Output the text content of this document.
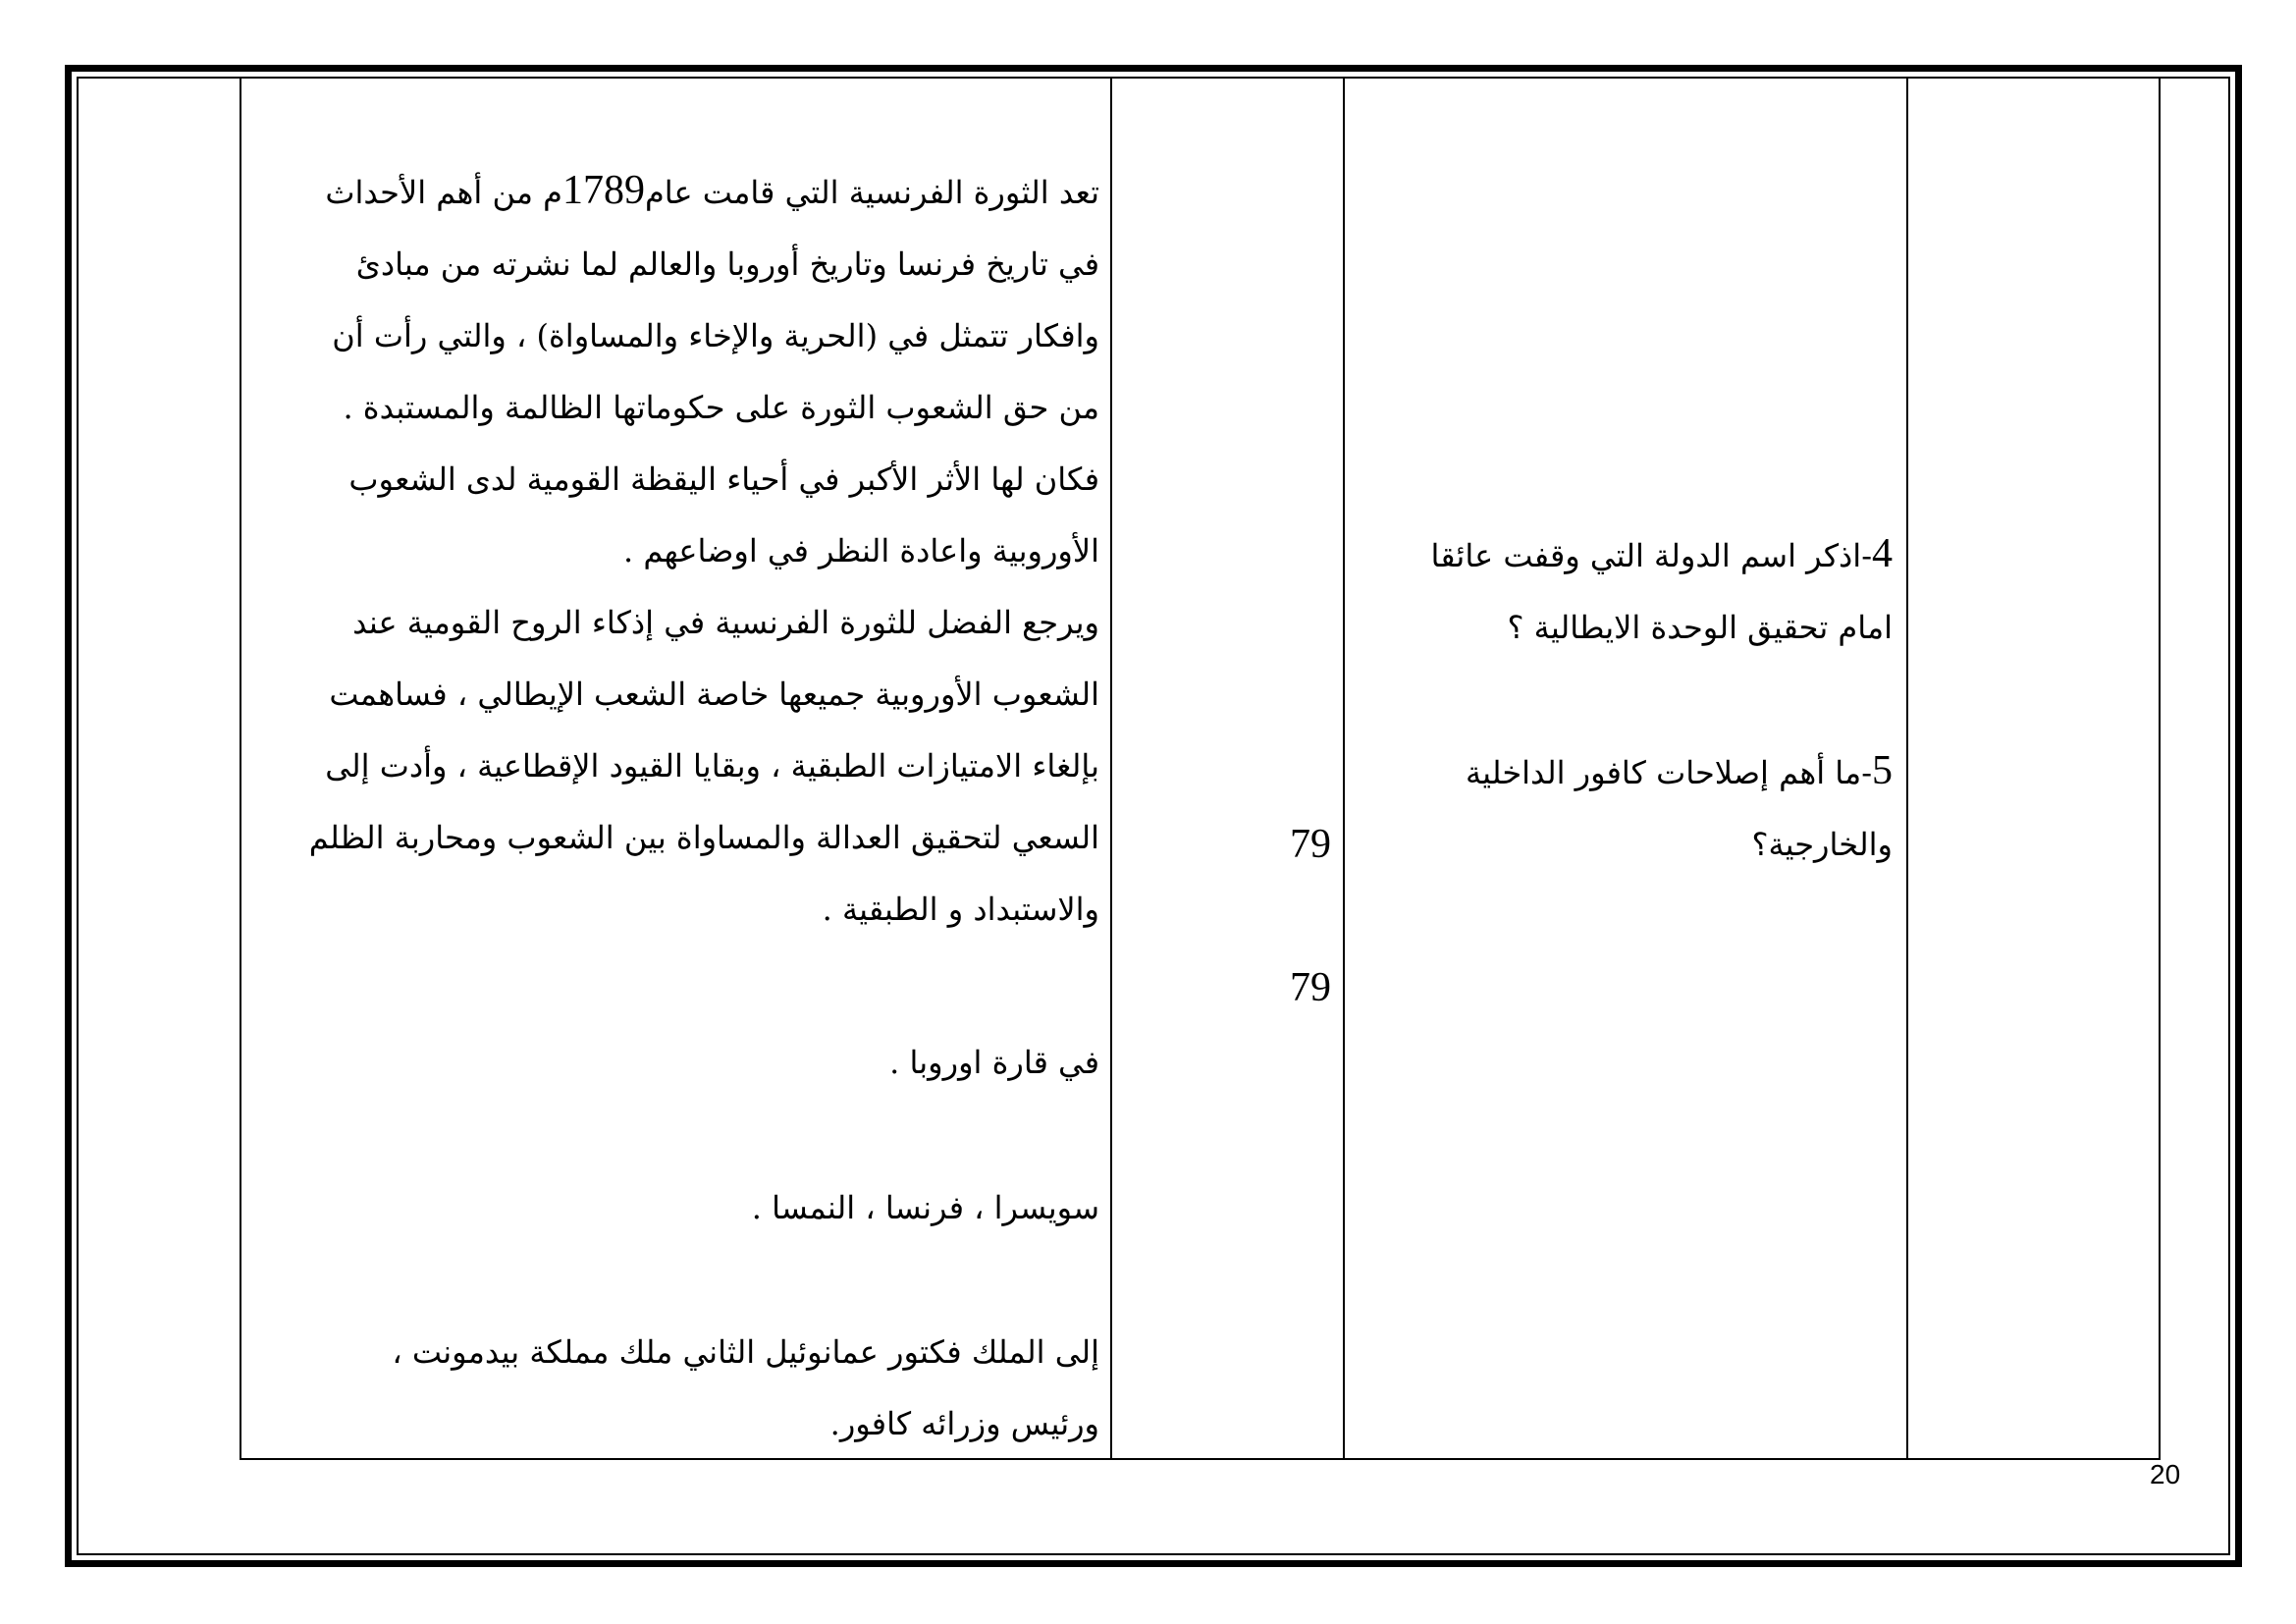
تعد الثورة الفرنسية التي قامت عام1789م من أهم الأحداث

في تاريخ فرنسا وتاريخ أوروبا والعالم لما نشرته من مبادئ

وافكار تتمثل في (الحرية والإخاء والمساواة) ، والتي رأت أن

من حق الشعوب الثورة على حكوماتها الظالمة والمستبدة .

فكان لها الأثر الأكبر في أحياء اليقظة القومية لدى الشعوب

الأوروبية واعادة النظر في اوضاعهم .

ويرجع الفضل للثورة الفرنسية في إذكاء الروح القومية عند

الشعوب الأوروبية جميعها خاصة الشعب الإيطالي ، فساهمت

بإلغاء الامتيازات الطبقية ، وبقايا القيود الإقطاعية ، وأدت إلى

السعي لتحقيق العدالة والمساواة بين الشعوب ومحاربة الظلم

والاستبداد و الطبقية .

في قارة اوروبا .
سويسرا ، فرنسا ، النمسا .
إلى الملك فكتور عمانوئيل الثاني ملك مملكة بيدمونت ،
ورئيس وزرائه كافور.
79
79

4-اذكر اسم الدولة التي وقفت عائقا

امام تحقيق الوحدة الايطالية ؟

5-ما أهم إصلاحات كافور الداخلية

والخارجية؟

20
